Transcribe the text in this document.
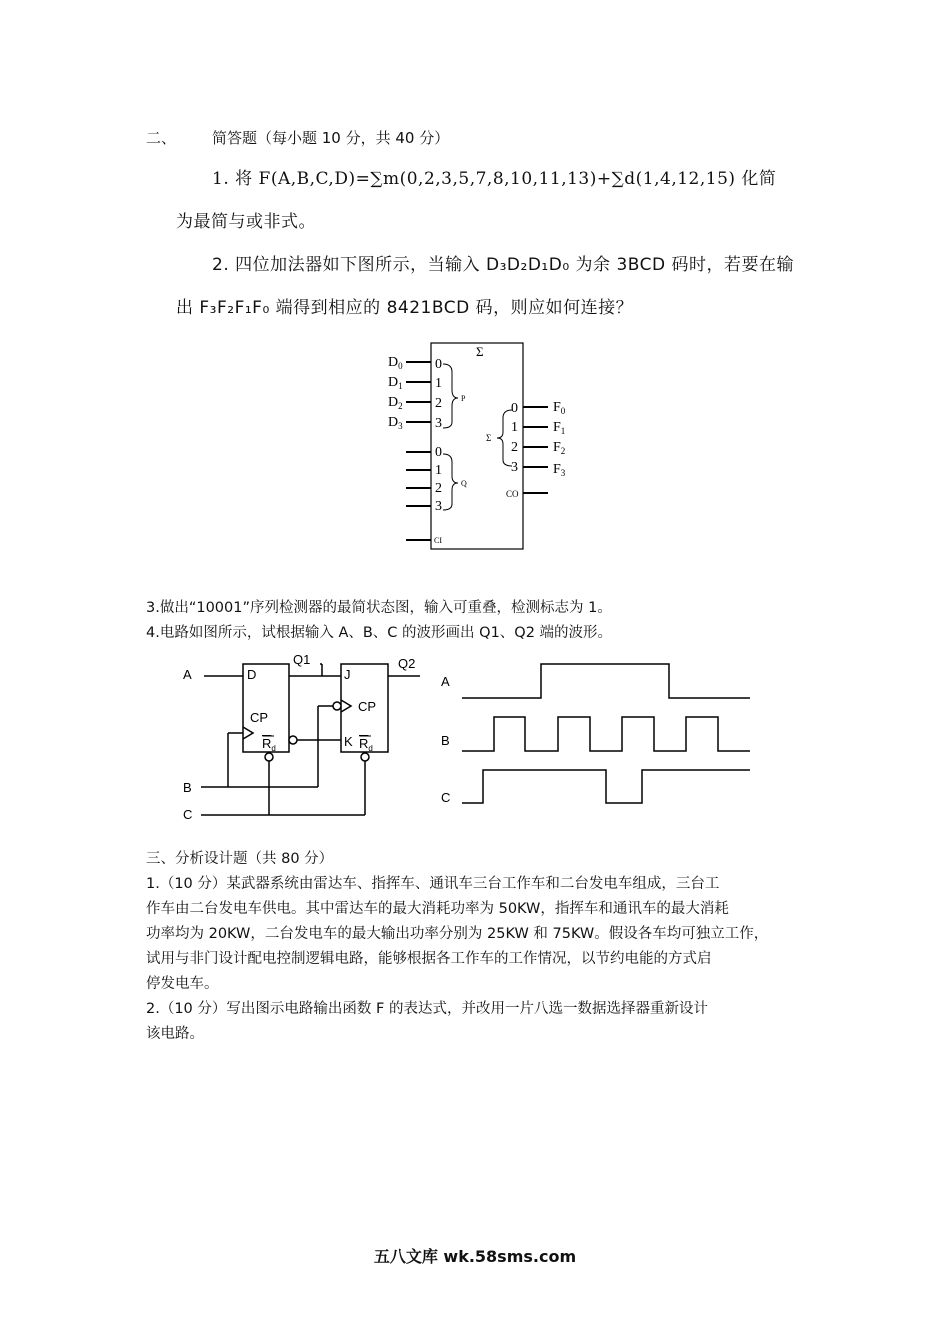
二、 简答题（每小题 10 分，共 40 分）
1. 将 F(A,B,C,D)=∑m(0,2,3,5,7,8,10,11,13)+∑d(1,4,12,15) 化简
为最简与或非式。
2. 四位加法器如下图所示，当输入 D₃D₂D₁D₀ 为余 3BCD 码时，若要在输
出 F₃F₂F₁F₀ 端得到相应的 8421BCD 码，则应如何连接？
Σ
$D_0$
$D_1$
$D_2$
$D_3$
0
1
2
3
0
1
2
3
0
1
2
3
P
Q
Σ
CO
CI
$F_0$
$F_1$
$F_2$
$F_3$
3.做出“10001”序列检测器的最简状态图，输入可重叠，检测标志为 1。
4.电路如图所示，试根据输入 A、B、C 的波形画出 Q1、Q2 端的波形。
A
B
C
Q1	Q2
D
CP
$R_d$
J
CP
K $R_d$
A
B
C
三、分析设计题（共 80 分）
1.（10 分）某武器系统由雷达车、指挥车、通讯车三台工作车和二台发电车组成，三台工
作车由二台发电车供电。其中雷达车的最大消耗功率为 50KW，指挥车和通讯车的最大消耗
功率均为 20KW，二台发电车的最大输出功率分别为 25KW 和 75KW。假设各车均可独立工作，
试用与非门设计配电控制逻辑电路，能够根据各工作车的工作情况，以节约电能的方式启
停发电车。
2.（10 分）写出图示电路输出函数 F 的表达式，并改用一片八选一数据选择器重新设计
该电路。
五八文库 wk.58sms.com
